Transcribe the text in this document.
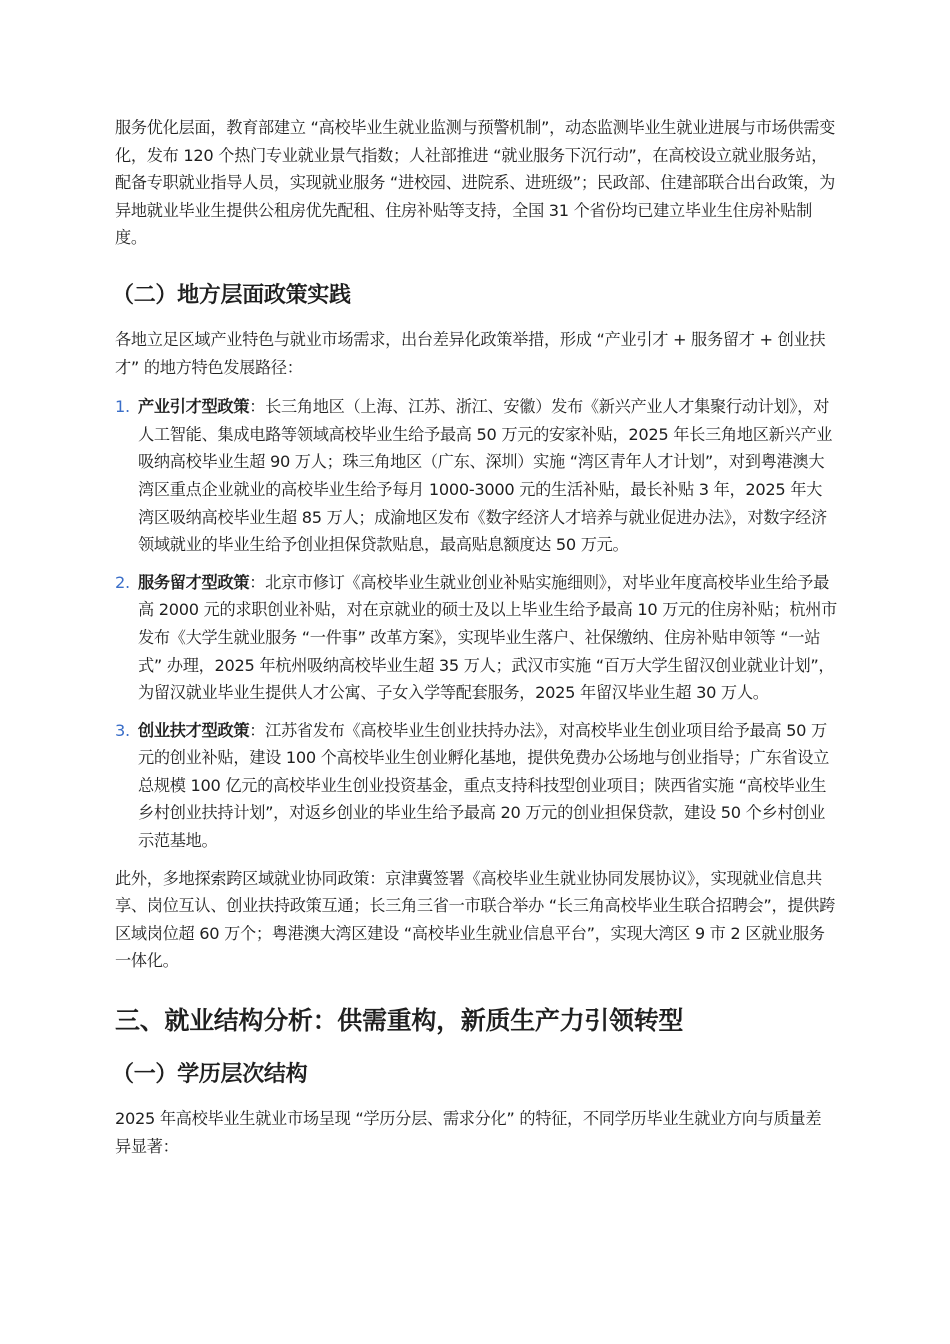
服务优化层面，教育部建立 “高校毕业生就业监测与预警机制”，动态监测毕业生就业进展与市场供需变化，发布 120 个热门专业就业景气指数；人社部推进 “就业服务下沉行动”，在高校设立就业服务站，配备专职就业指导人员，实现就业服务 “进校园、进院系、进班级”；民政部、住建部联合出台政策，为异地就业毕业生提供公租房优先配租、住房补贴等支持，全国 31 个省份均已建立毕业生住房补贴制度。

（二）地方层面政策实践

各地立足区域产业特色与就业市场需求，出台差异化政策举措，形成 “产业引才 + 服务留才 + 创业扶才” 的地方特色发展路径：

1. 产业引才型政策：长三角地区（上海、江苏、浙江、安徽）发布《新兴产业人才集聚行动计划》，对人工智能、集成电路等领域高校毕业生给予最高 50 万元的安家补贴，2025 年长三角地区新兴产业吸纳高校毕业生超 90 万人；珠三角地区（广东、深圳）实施 “湾区青年人才计划”，对到粤港澳大湾区重点企业就业的高校毕业生给予每月 1000-3000 元的生活补贴，最长补贴 3 年，2025 年大湾区吸纳高校毕业生超 85 万人；成渝地区发布《数字经济人才培养与就业促进办法》，对数字经济领域就业的毕业生给予创业担保贷款贴息，最高贴息额度达 50 万元。
2. 服务留才型政策：北京市修订《高校毕业生就业创业补贴实施细则》，对毕业年度高校毕业生给予最高 2000 元的求职创业补贴，对在京就业的硕士及以上毕业生给予最高 10 万元的住房补贴；杭州市发布《大学生就业服务 “一件事” 改革方案》，实现毕业生落户、社保缴纳、住房补贴申领等 “一站式” 办理，2025 年杭州吸纳高校毕业生超 35 万人；武汉市实施 “百万大学生留汉创业就业计划”，为留汉就业毕业生提供人才公寓、子女入学等配套服务，2025 年留汉毕业生超 30 万人。
3. 创业扶才型政策：江苏省发布《高校毕业生创业扶持办法》，对高校毕业生创业项目给予最高 50 万元的创业补贴，建设 100 个高校毕业生创业孵化基地，提供免费办公场地与创业指导；广东省设立总规模 100 亿元的高校毕业生创业投资基金，重点支持科技型创业项目；陕西省实施 “高校毕业生乡村创业扶持计划”，对返乡创业的毕业生给予最高 20 万元的创业担保贷款，建设 50 个乡村创业示范基地。

此外，多地探索跨区域就业协同政策：京津冀签署《高校毕业生就业协同发展协议》，实现就业信息共享、岗位互认、创业扶持政策互通；长三角三省一市联合举办 “长三角高校毕业生联合招聘会”，提供跨区域岗位超 60 万个；粤港澳大湾区建设 “高校毕业生就业信息平台”，实现大湾区 9 市 2 区就业服务一体化。

三、就业结构分析：供需重构，新质生产力引领转型
（一）学历层次结构

2025 年高校毕业生就业市场呈现 “学历分层、需求分化” 的特征，不同学历毕业生就业方向与质量差异显著：
